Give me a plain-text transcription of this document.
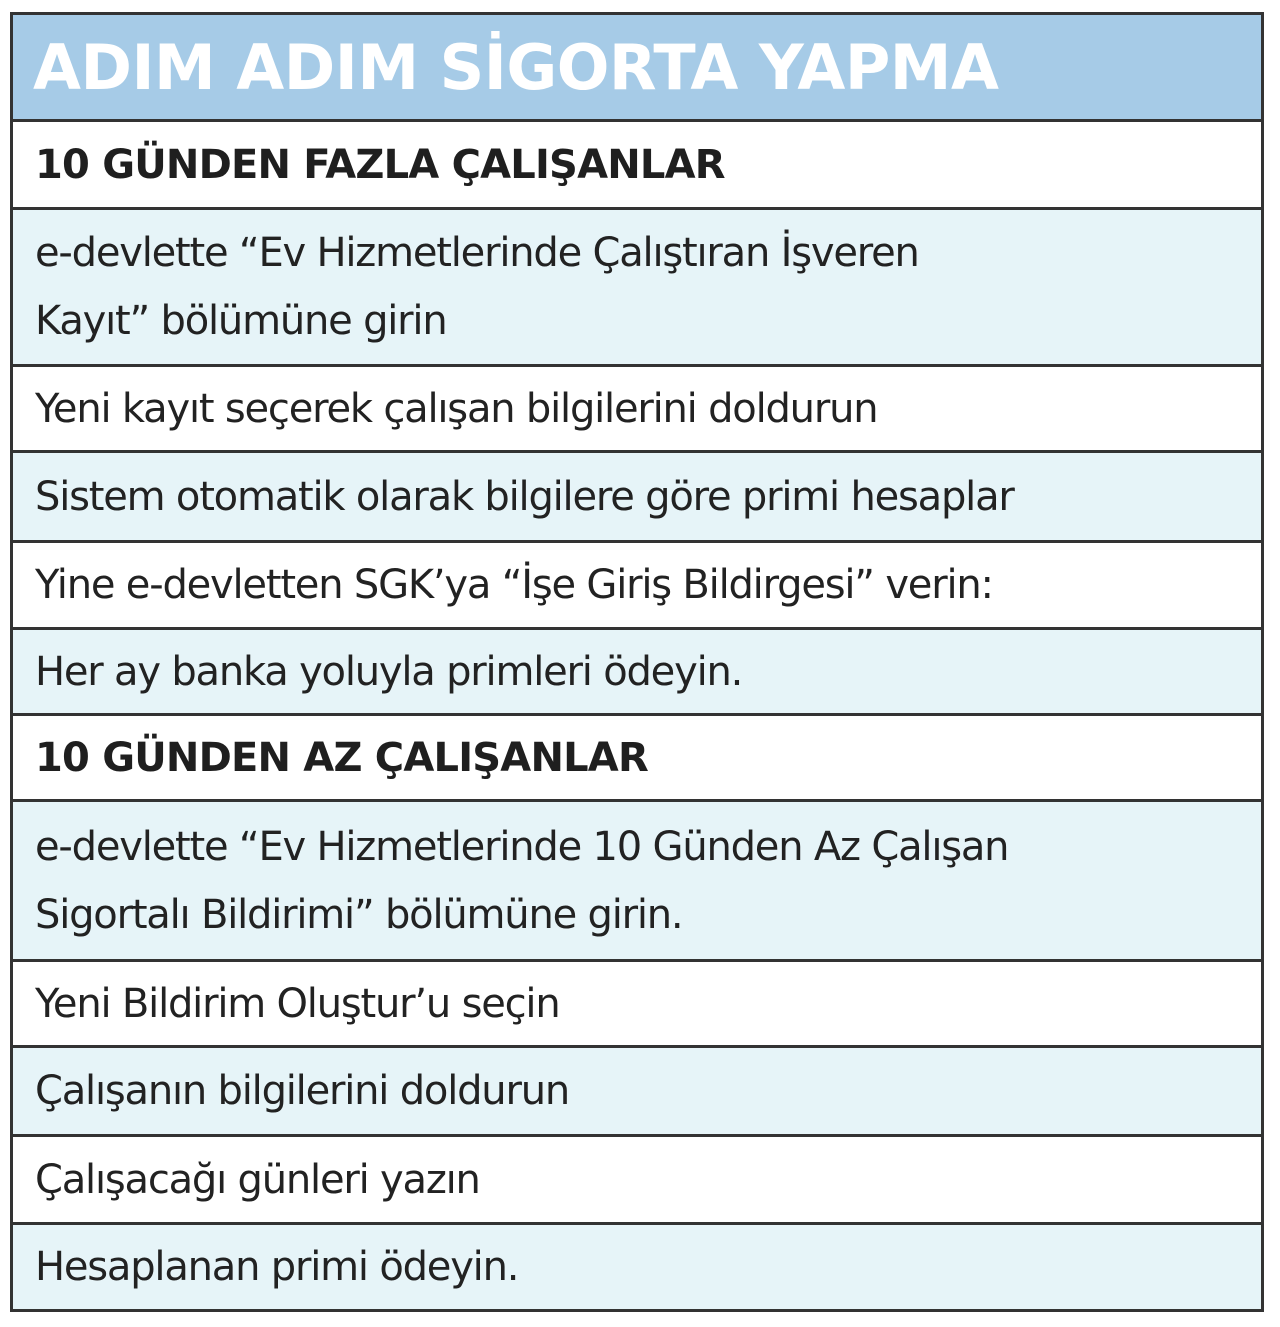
ADIM ADIM SİGORTA YAPMA
10 GÜNDEN FAZLA ÇALIŞANLAR
e-devlette “Ev Hizmetlerinde Çalıştıran İşveren
Kayıt” bölümüne girin
Yeni kayıt seçerek çalışan bilgilerini doldurun
Sistem otomatik olarak bilgilere göre primi hesaplar
Yine e-devletten SGK’ya “İşe Giriş Bildirgesi” verin:
Her ay banka yoluyla primleri ödeyin.
10 GÜNDEN AZ ÇALIŞANLAR
e-devlette “Ev Hizmetlerinde 10 Günden Az Çalışan
Sigortalı Bildirimi” bölümüne girin.
Yeni Bildirim Oluştur’u seçin
Çalışanın bilgilerini doldurun
Çalışacağı günleri yazın
Hesaplanan primi ödeyin.
